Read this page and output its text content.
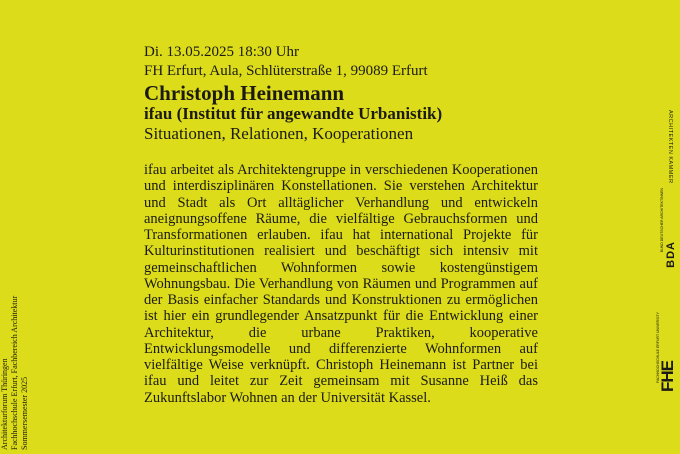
Di. 13.05.2025 18:30 Uhr
FH Erfurt, Aula, Schlüterstraße 1, 99089 Erfurt
Christoph Heinemann
ifau (Institut für angewandte Urbanistik)
Situationen, Relationen, Kooperationen
ifau arbeitet als Architektengruppe in verschiedenen Kooperationen und interdisziplinären Konstellationen. Sie verstehen Architektur und Stadt als Ort alltäglicher Verhandlung und entwickeln aneignungsoffene Räume, die vielfältige Gebrauchsformen und Transformationen erlauben. ifau hat international Projekte für Kulturinstitutionen realisiert und beschäftigt sich intensiv mit gemeinschaftlichen Wohnformen sowie kostengünstigem Wohnungsbau. Die Verhandlung von Räumen und Programmen auf der Basis einfacher Standards und Konstruktionen zu ermöglichen ist hier ein grundlegender Ansatzpunkt für die Entwicklung einer Architektur, die urbane Praktiken, kooperative Entwicklungsmodelle und differenzierte Wohnformen auf vielfältige Weise verknüpft. Christoph Heinemann ist Partner bei ifau und leitet zur Zeit gemeinsam mit Susanne Heiß das Zukunftslabor Wohnen an der Universität Kassel.
Architekturforum Thüringen Fachhochschule Erfurt, Fachbereich Architektur Sommersemester 2025
ARCHITEKTEN KAMMER
BUND DEUTSCHER ARCHITEKTINNEN
BDA
FACHHOCHSCHULE ERFURT UNIVERSITY
FHE
